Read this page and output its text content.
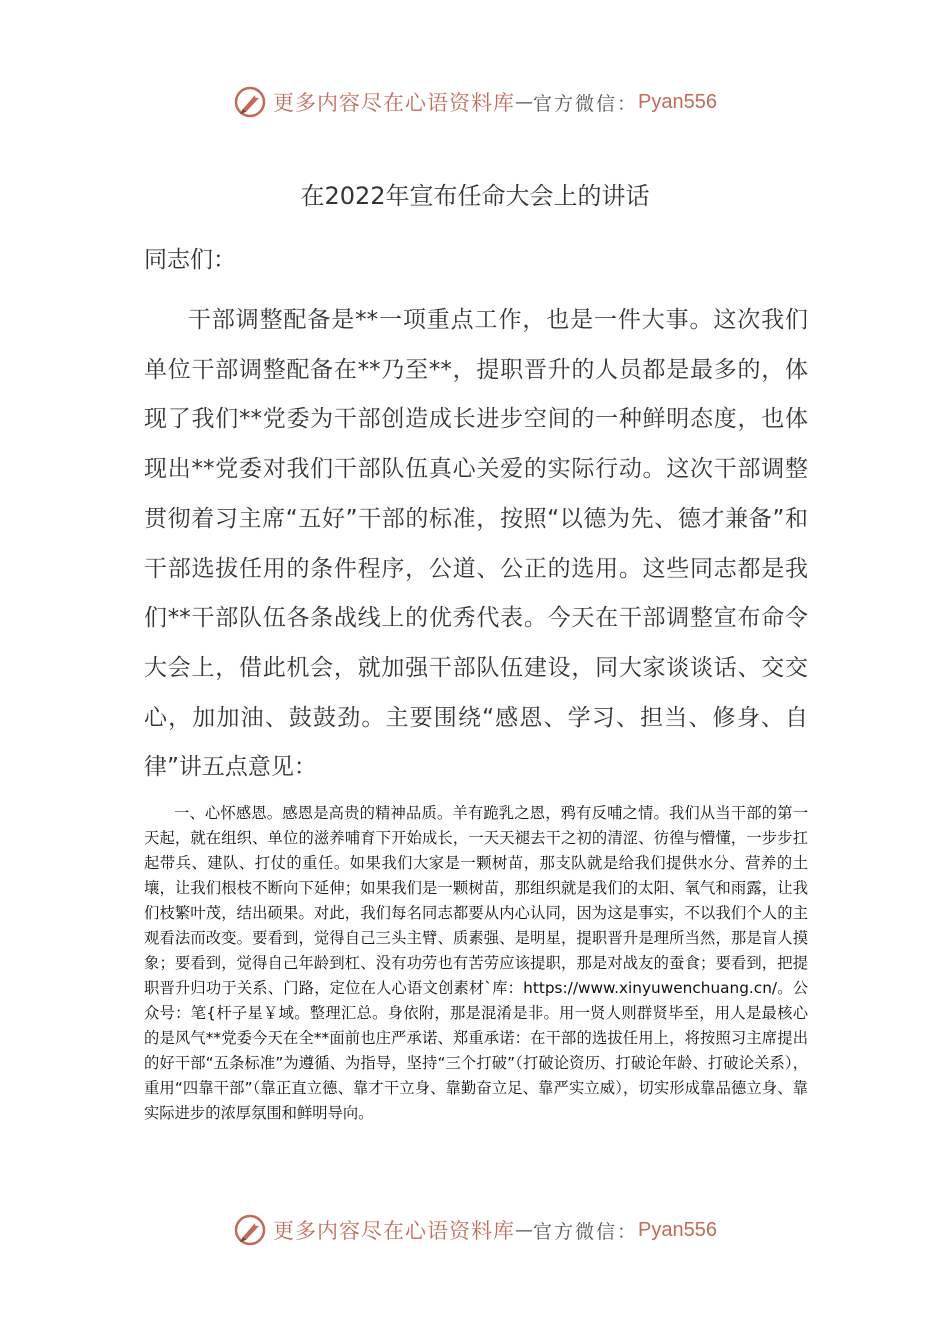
更多内容尽在心语资料库 — 官方微信： Pyan556
在2022年宣布任命大会上的讲话
同志们：

干部调整配备是**一项重点工作，也是一件大事。这次我们单位干部调整配备在**乃至**，提职晋升的人员都是最多的，体现了我们**党委为干部创造成长进步空间的一种鲜明态度，也体现出**党委对我们干部队伍真心关爱的实际行动。这次干部调整贯彻着习主席“五好”干部的标准，按照“以德为先、德才兼备”和干部选拔任用的条件程序，公道、公正的选用。这些同志都是我们**干部队伍各条战线上的优秀代表。今天在干部调整宣布命令大会上，借此机会，就加强干部队伍建设，同大家谈谈话、交交心，加加油、鼓鼓劲。主要围绕“感恩、学习、担当、修身、自律”讲五点意见：

一、心怀感恩。感恩是高贵的精神品质。羊有跪乳之恩，鸦有反哺之情。我们从当干部的第一天起，就在组织、单位的滋养哺育下开始成长，一天天褪去干之初的清涩、彷徨与懵懂，一步步扛起带兵、建队、打仗的重任。如果我们大家是一颗树苗，那支队就是给我们提供水分、营养的土壤，让我们根枝不断向下延伸；如果我们是一颗树苗，那组织就是我们的太阳、氧气和雨露，让我们枝繁叶茂，结出硕果。对此，我们每名同志都要从内心认同，因为这是事实，不以我们个人的主观看法而改变。要看到，觉得自己三头主臂、质素强、是明星，提职晋升是理所当然，那是盲人摸象；要看到，觉得自己年龄到杠、没有功劳也有苦劳应该提职，那是对战友的蚕食；要看到，把提职晋升归功于关系、门路，定位在人心语文创素材`库：https://www.xinyuwenchuang.cn/。公众号：笔{杆子星￥域。整理汇总。身依附，那是混淆是非。用一贤人则群贤毕至，用人是最核心的是风气**党委今天在全**面前也庄严承诺、郑重承诺：在干部的选拔任用上，将按照习主席提出的好干部“五条标准”为遵循、为指导，坚持“三个打破”（打破论资历、打破论年龄、打破论关系），重用“四靠干部”（靠正直立德、靠才干立身、靠勤奋立足、靠严实立威），切实形成靠品德立身、靠实际进步的浓厚氛围和鲜明导向。

更多内容尽在心语资料库 — 官方微信： Pyan556
